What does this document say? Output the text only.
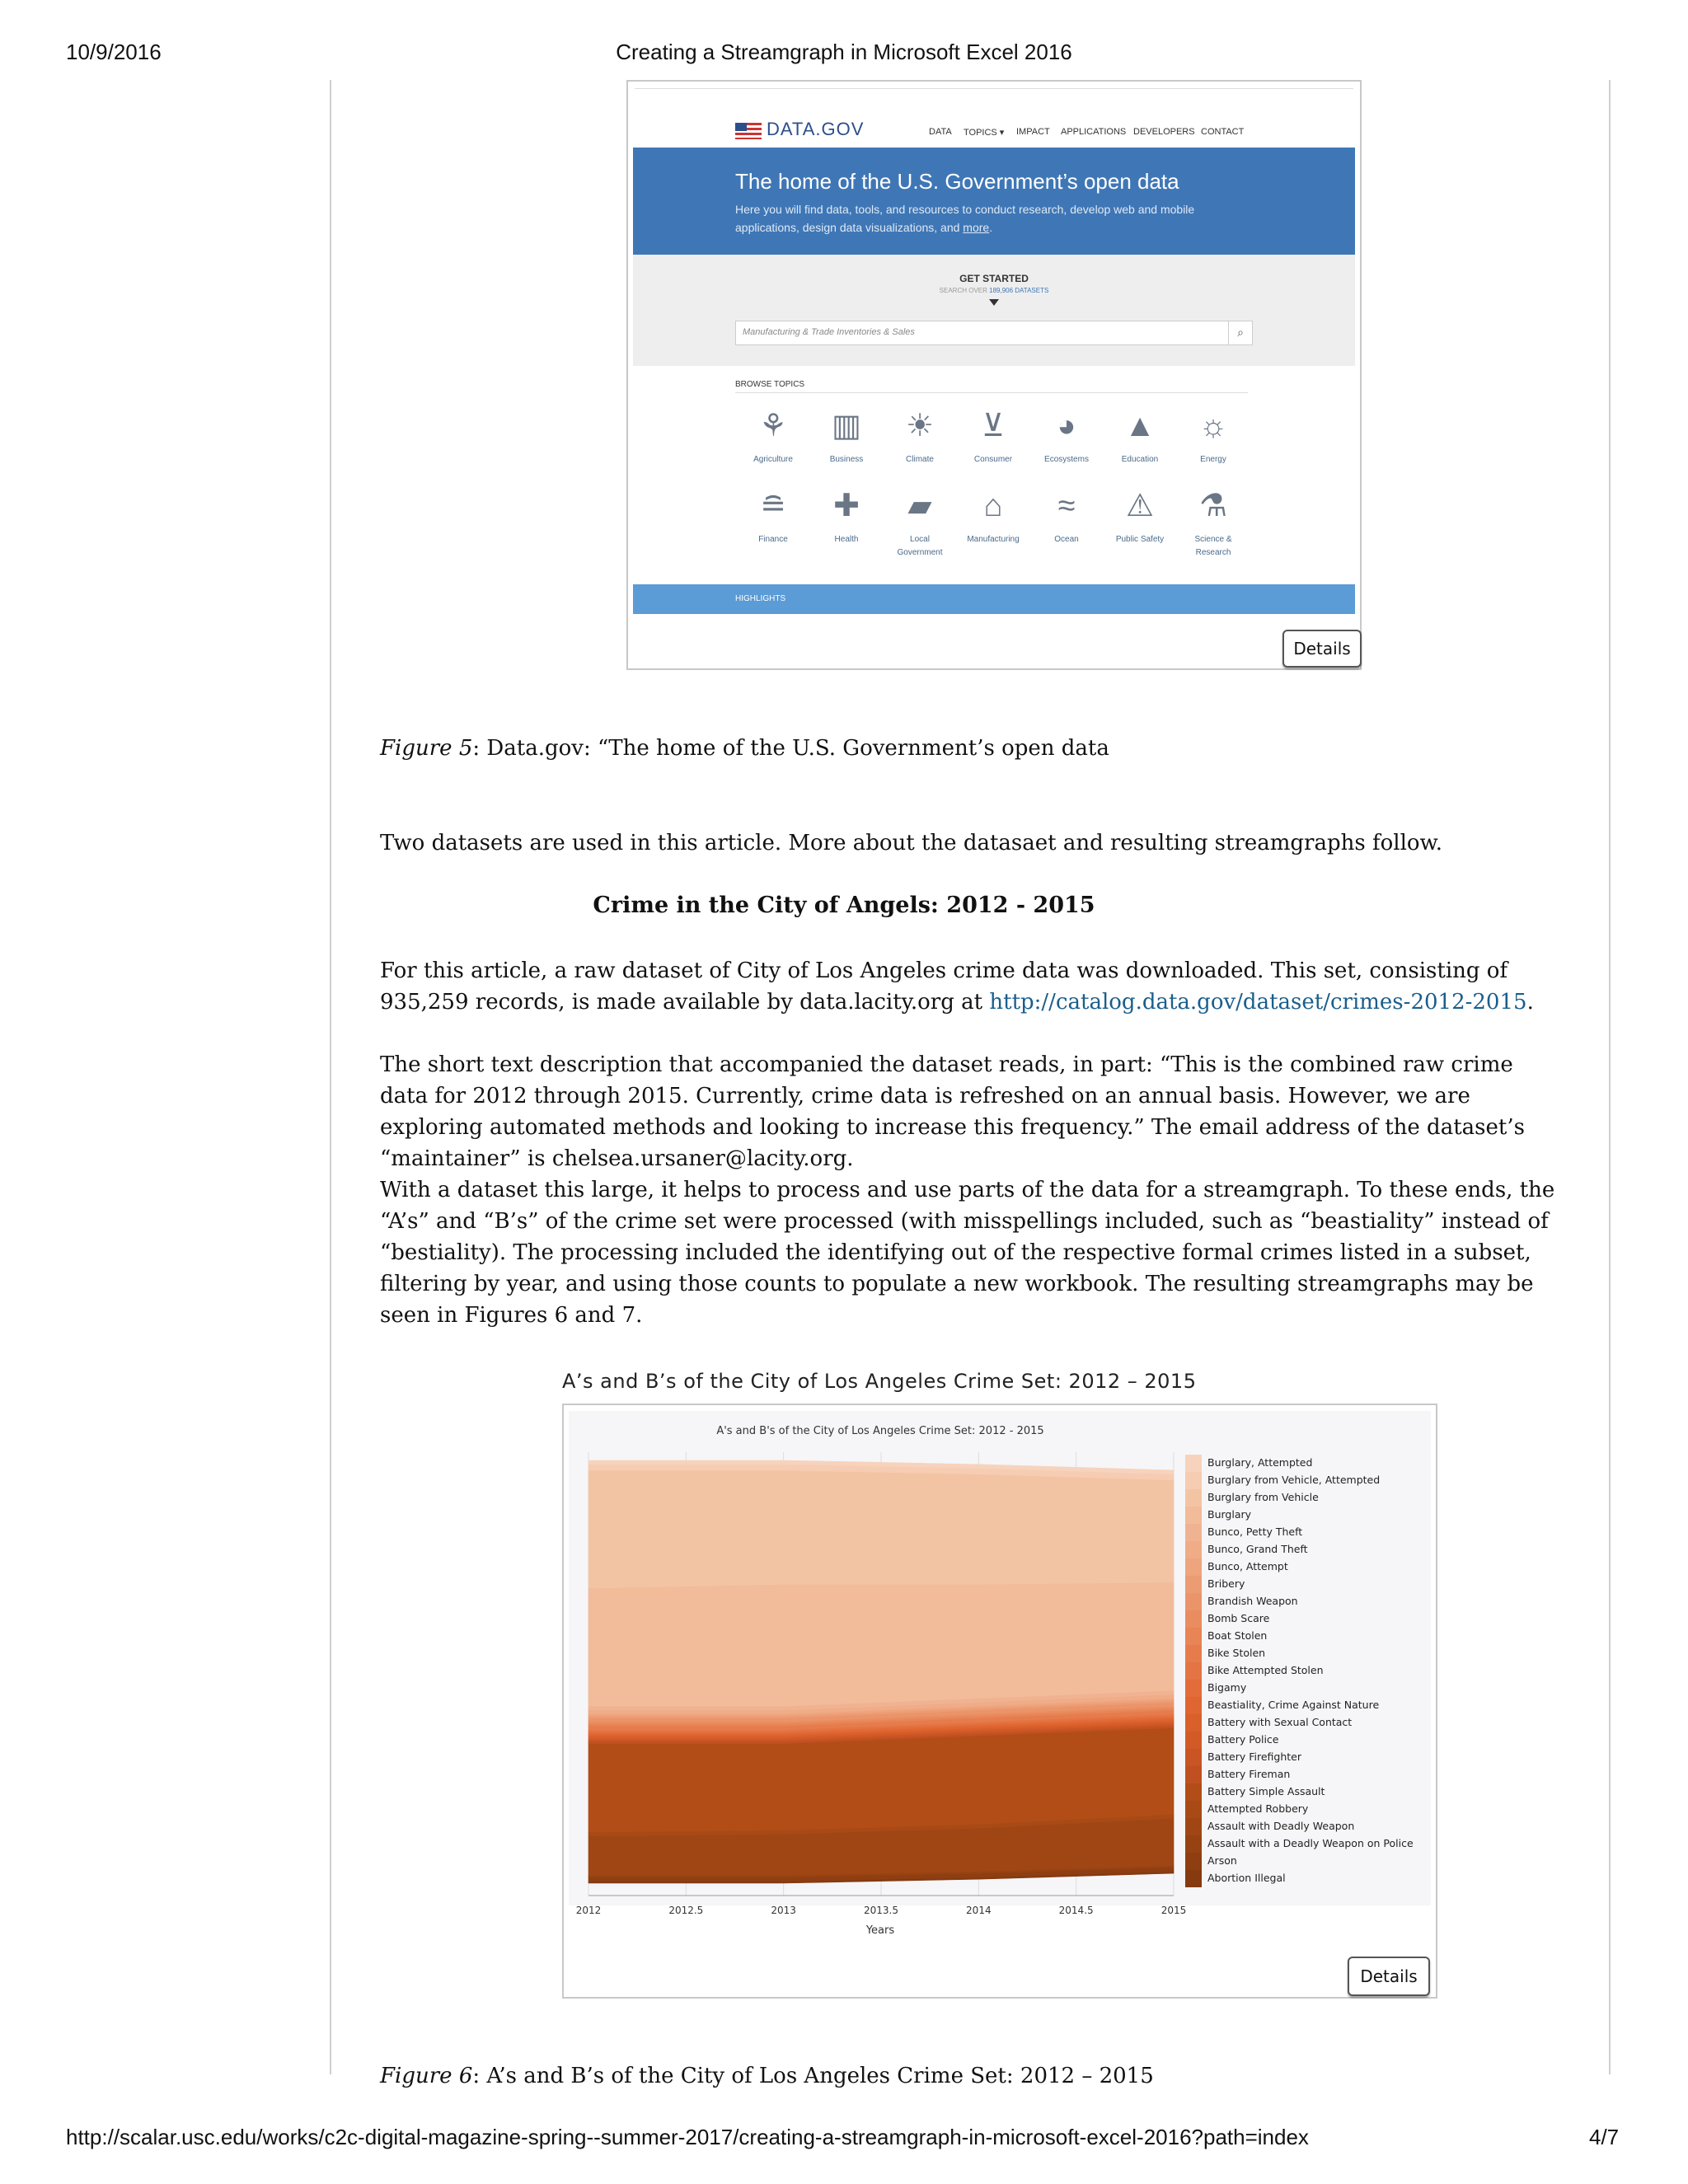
10/9/2016	Creating a Streamgraph in Microsoft Excel 2016
DATA.GOV	DATA TOPICS ▾ IMPACT APPLICATIONS DEVELOPERS CONTACT
The home of the U.S. Government’s open data
Here you will find data, tools, and resources to conduct research, develop web and mobile
applications, design data visualizations, and more.
GET STARTED
SEARCH OVER 189,906 DATASETS
Manufacturing & Trade Inventories & Sales	⌕
BROWSE TOPICS
⚘
Agriculture
▥
Business
☀
Climate
⊻
Consumer
◕
Ecosystems
▲
Education
☼
Energy
≘
Finance
✚
Health
▰
Local Government
⌂
Manufacturing
≈
Ocean
⚠
Public Safety
⚗
Science & Research
HIGHLIGHTS
Details
Figure 5: Data.gov: “The home of the U.S. Government’s open data
Two datasets are used in this article. More about the datasaet and resulting streamgraphs follow.
Crime in the City of Angels: 2012 - 2015
For this article, a raw dataset of City of Los Angeles crime data was downloaded. This set, consisting of 935,259 records, is made available by data.lacity.org at http://catalog.data.gov/dataset/crimes-2012-2015.
The short text description that accompanied the dataset reads, in part: “This is the combined raw crime data for 2012 through 2015. Currently, crime data is refreshed on an annual basis. However, we are exploring automated methods and looking to increase this frequency.” The email address of the dataset’s “maintainer” is chelsea.ursaner@lacity.org.
With a dataset this large, it helps to process and use parts of the data for a streamgraph. To these ends, the “A’s” and “B’s” of the crime set were processed (with misspellings included, such as “beastiality” instead of “bestiality). The processing included the identifying out of the respective formal crimes listed in a subset, filtering by year, and using those counts to populate a new workbook. The resulting streamgraphs may be seen in Figures 6 and 7.
A’s and B’s of the City of Los Angeles Crime Set: 2012 – 2015
2012	2012.5	2013	2013.5	2014	2014.5	2015
A's and B's of the City of Los Angeles Crime Set: 2012 - 2015
Years
Burglary, Attempted
Burglary from Vehicle, Attempted
Burglary from Vehicle
Burglary
Bunco, Petty Theft
Bunco, Grand Theft
Bunco, Attempt
Bribery
Brandish Weapon
Bomb Scare
Boat Stolen
Bike Stolen
Bike Attempted Stolen
Bigamy
Beastiality, Crime Against Nature
Battery with Sexual Contact
Battery Police
Battery Firefighter
Battery Fireman
Battery Simple Assault
Attempted Robbery
Assault with Deadly Weapon
Assault with a Deadly Weapon on Police
Arson
Abortion Illegal
Details
Figure 6: A’s and B’s of the City of Los Angeles Crime Set: 2012 – 2015
http://scalar.usc.edu/works/c2c-digital-magazine-spring--summer-2017/creating-a-streamgraph-in-microsoft-excel-2016?path=index	4/7
